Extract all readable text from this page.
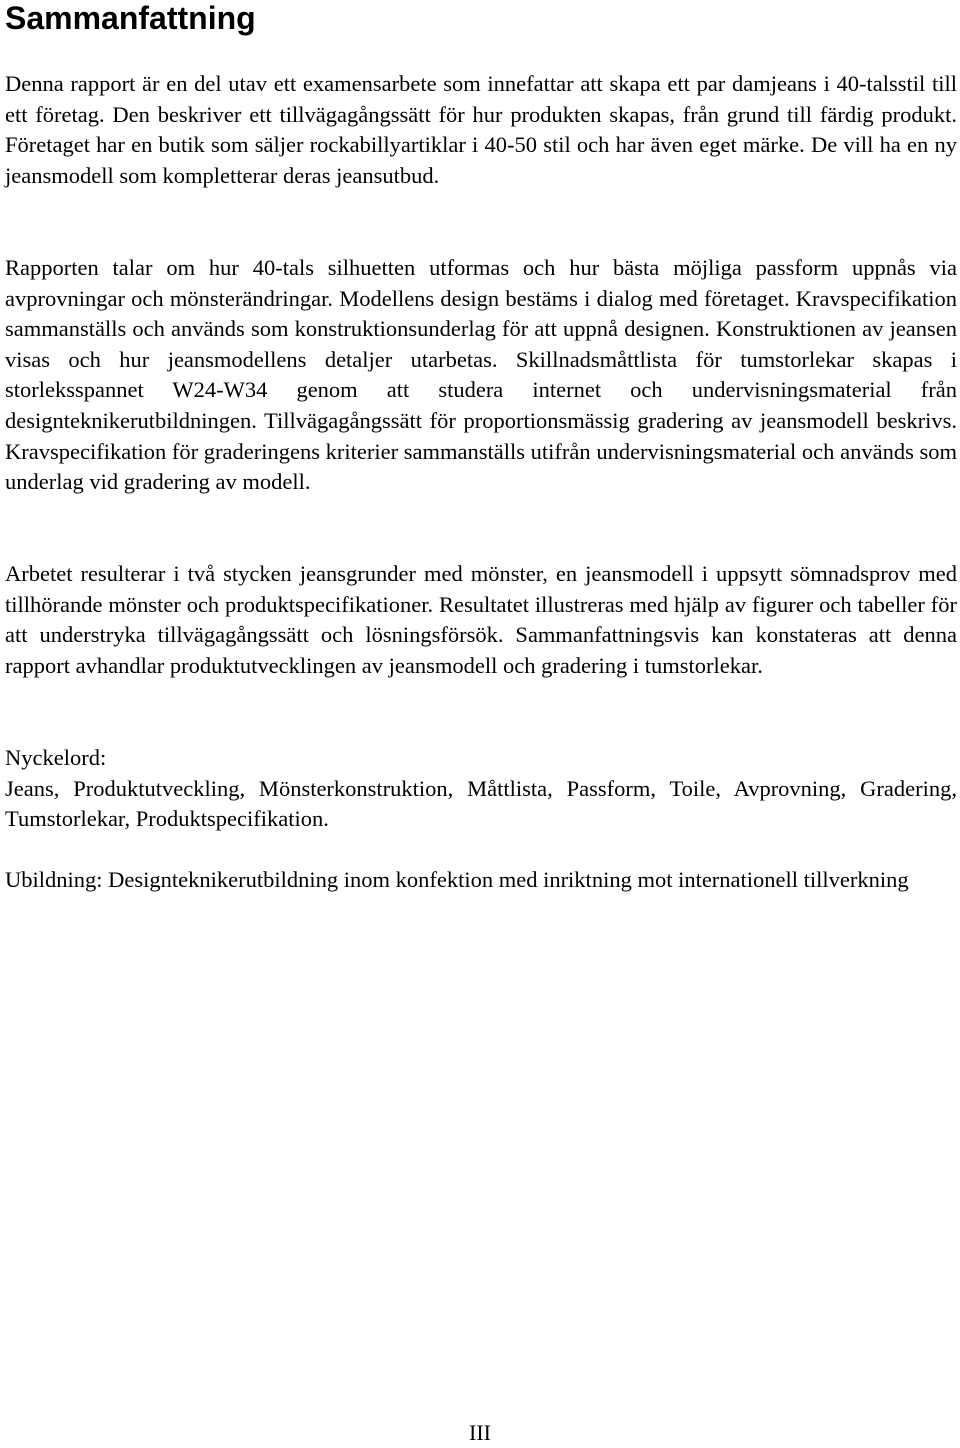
Sammanfattning

Denna rapport är en del utav ett examensarbete som innefattar att skapa ett par damjeans i 40-talsstil till ett företag. Den beskriver ett tillvägagångssätt för hur produkten skapas, från grund till färdig produkt. Företaget har en butik som säljer rockabillyartiklar i 40-50 stil och har även eget märke. De vill ha en ny jeansmodell som kompletterar deras jeansutbud.

Rapporten talar om hur 40-tals silhuetten utformas och hur bästa möjliga passform uppnås via avprovningar och mönsterändringar. Modellens design bestäms i dialog med företaget. Kravspecifikation sammanställs och används som konstruktionsunderlag för att uppnå designen. Konstruktionen av jeansen visas och hur jeansmodellens detaljer utarbetas. Skillnadsmåttlista för tumstorlekar skapas i storleksspannet W24-W34 genom att studera internet och undervisningsmaterial från designteknikerutbildningen. Tillvägagångssätt för proportionsmässig gradering av jeansmodell beskrivs. Kravspecifikation för graderingens kriterier sammanställs utifrån undervisningsmaterial och används som underlag vid gradering av modell.

Arbetet resulterar i två stycken jeansgrunder med mönster, en jeansmodell i uppsytt sömnadsprov med tillhörande mönster och produktspecifikationer. Resultatet illustreras med hjälp av figurer och tabeller för att understryka tillvägagångssätt och lösningsförsök. Sammanfattningsvis kan konstateras att denna rapport avhandlar produktutvecklingen av jeansmodell och gradering i tumstorlekar.

Nyckelord:
Jeans, Produktutveckling, Mönsterkonstruktion, Måttlista, Passform, Toile, Avprovning, Gradering, Tumstorlekar, Produktspecifikation.

Ubildning: Designteknikerutbildning inom konfektion med inriktning mot internationell tillverkning

III
